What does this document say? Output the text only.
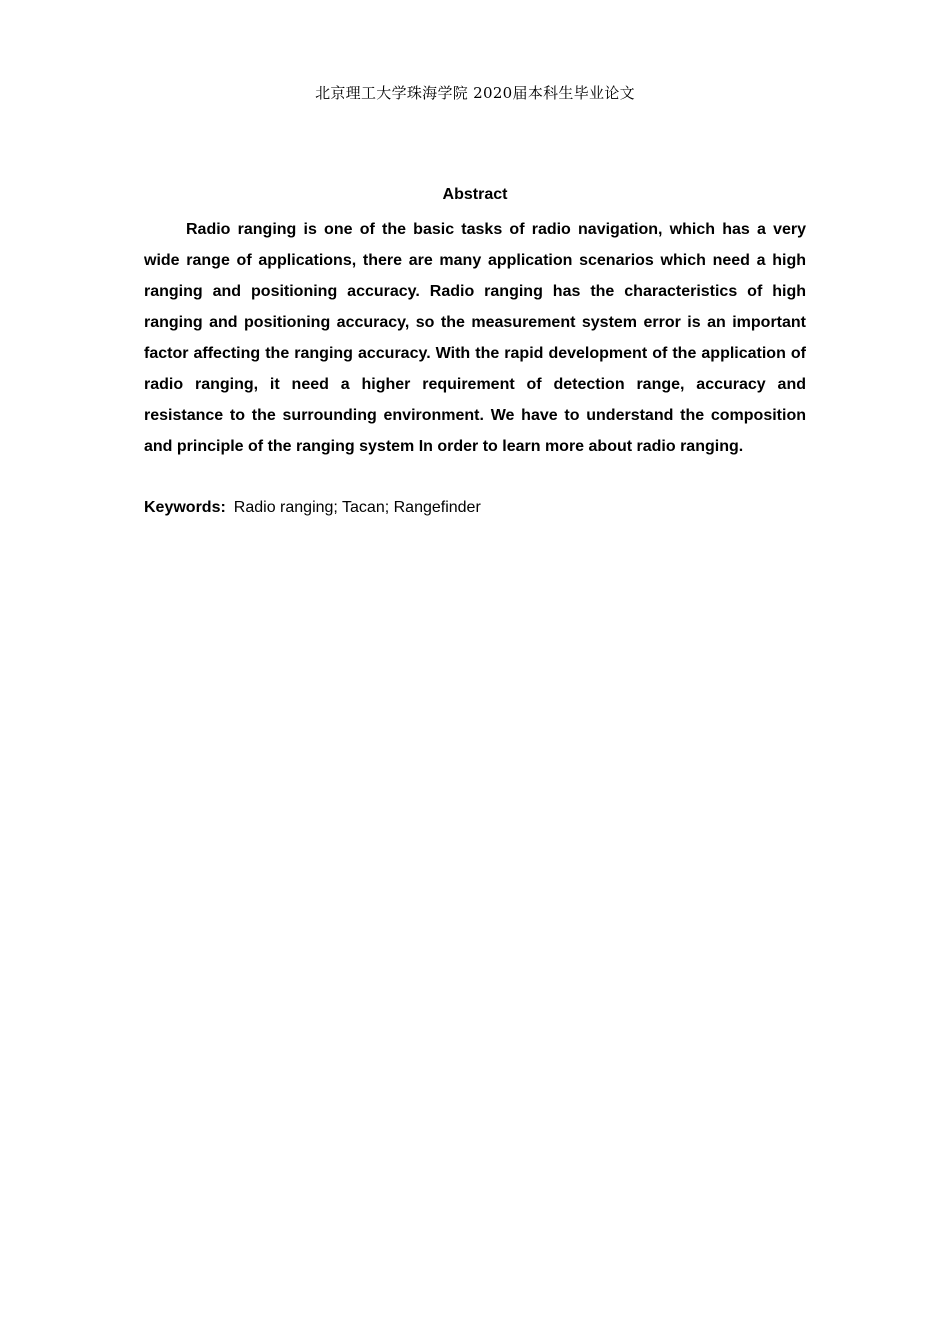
北京理工大学珠海学院 2020届本科生毕业论文
Abstract

Radio ranging is one of the basic tasks of radio navigation, which has a very wide range of applications, there are many application scenarios which need a high ranging and positioning accuracy. Radio ranging has the characteristics of high ranging and positioning accuracy, so the measurement system error is an important factor affecting the ranging accuracy. With the rapid development of the application of radio ranging, it need a higher requirement of detection range, accuracy and resistance to the surrounding environment. We have to understand the composition and principle of the ranging system In order to learn more about radio ranging.

Keywords: Radio ranging; Tacan; Rangefinder
